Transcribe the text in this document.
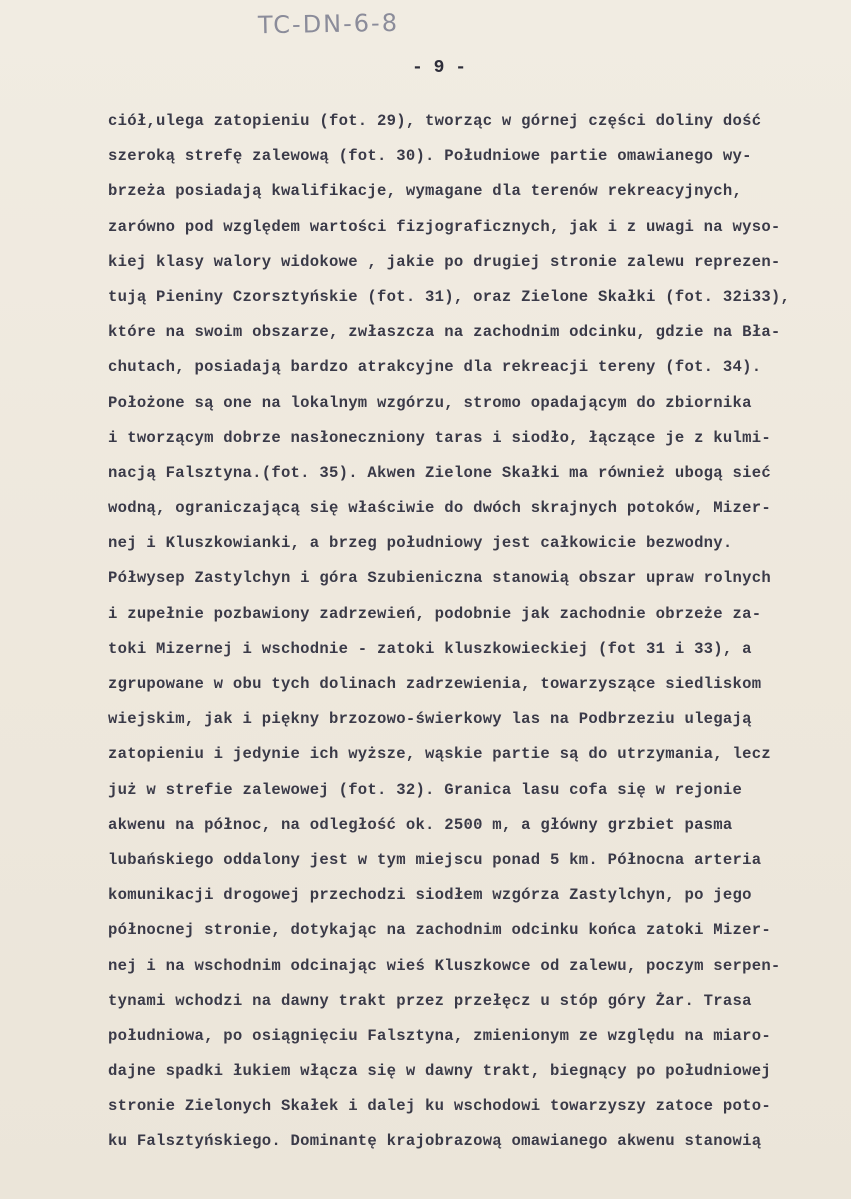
TC-DN-6-8
- 9 -
ciół,ulega zatopieniu (fot. 29), tworząc w górnej części doliny dość
szeroką strefę zalewową (fot. 30). Południowe partie omawianego wy-
brzeża posiadają kwalifikacje, wymagane dla terenów rekreacyjnych,
zarówno pod względem wartości fizjograficznych, jak i z uwagi na wyso-
kiej klasy walory widokowe , jakie po drugiej stronie zalewu reprezen-
tują Pieniny Czorsztyńskie (fot. 31), oraz Zielone Skałki (fot. 32i33),
które na swoim obszarze, zwłaszcza na zachodnim odcinku, gdzie na Bła-
chutach, posiadają bardzo atrakcyjne dla rekreacji tereny (fot. 34).
Położone są one na lokalnym wzgórzu, stromo opadającym do zbiornika
i tworzącym dobrze nasłoneczniony taras i siodło, łączące je z kulmi-
nacją Falsztyna.(fot. 35). Akwen Zielone Skałki ma również ubogą sieć
wodną, ograniczającą się właściwie do dwóch skrajnych potoków, Mizer-
nej i Kluszkowianki, a brzeg południowy jest całkowicie bezwodny.
Półwysep Zastylchyn i góra Szubieniczna stanowią obszar upraw rolnych
i zupełnie pozbawiony zadrzewień, podobnie jak zachodnie obrzeże za-
toki Mizernej i wschodnie - zatoki kluszkowieckiej (fot 31 i 33), a
zgrupowane w obu tych dolinach zadrzewienia, towarzyszące siedliskom
wiejskim, jak i piękny brzozowo-świerkowy las na Podbrzeziu ulegają
zatopieniu i jedynie ich wyższe, wąskie partie są do utrzymania, lecz
już w strefie zalewowej (fot. 32). Granica lasu cofa się w rejonie
akwenu na północ, na odległość ok. 2500 m, a główny grzbiet pasma
lubańskiego oddalony jest w tym miejscu ponad 5 km. Północna arteria
komunikacji drogowej przechodzi siodłem wzgórza Zastylchyn, po jego
północnej stronie, dotykając na zachodnim odcinku końca zatoki Mizer-
nej i na wschodnim odcinając wieś Kluszkowce od zalewu, poczym serpen-
tynami wchodzi na dawny trakt przez przełęcz u stóp góry Żar. Trasa
południowa, po osiągnięciu Falsztyna, zmienionym ze względu na miaro-
dajne spadki łukiem włącza się w dawny trakt, biegnący po południowej
stronie Zielonych Skałek i dalej ku wschodowi towarzyszy zatoce poto-
ku Falsztyńskiego. Dominantę krajobrazową omawianego akwenu stanowią
